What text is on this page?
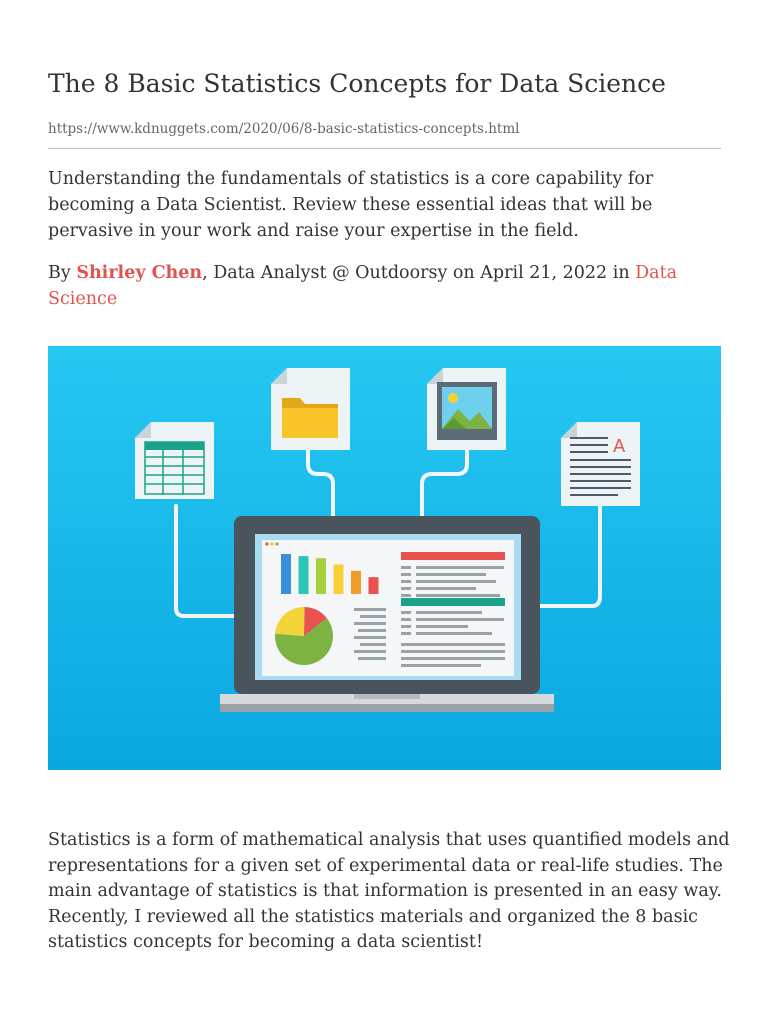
The 8 Basic Statistics Concepts for Data Science
https://www.kdnuggets.com/2020/06/8-basic-statistics-concepts.html

Understanding the fundamentals of statistics is a core capability for becoming a Data Scientist. Review these essential ideas that will be pervasive in your work and raise your expertise in the field.

By Shirley Chen, Data Analyst @ Outdoorsy on April 21, 2022 in Data Science

A

Statistics is a form of mathematical analysis that uses quantified models and representations for a given set of experimental data or real-life studies. The main advantage of statistics is that information is presented in an easy way. Recently, I reviewed all the statistics materials and organized the 8 basic statistics concepts for becoming a data scientist!
